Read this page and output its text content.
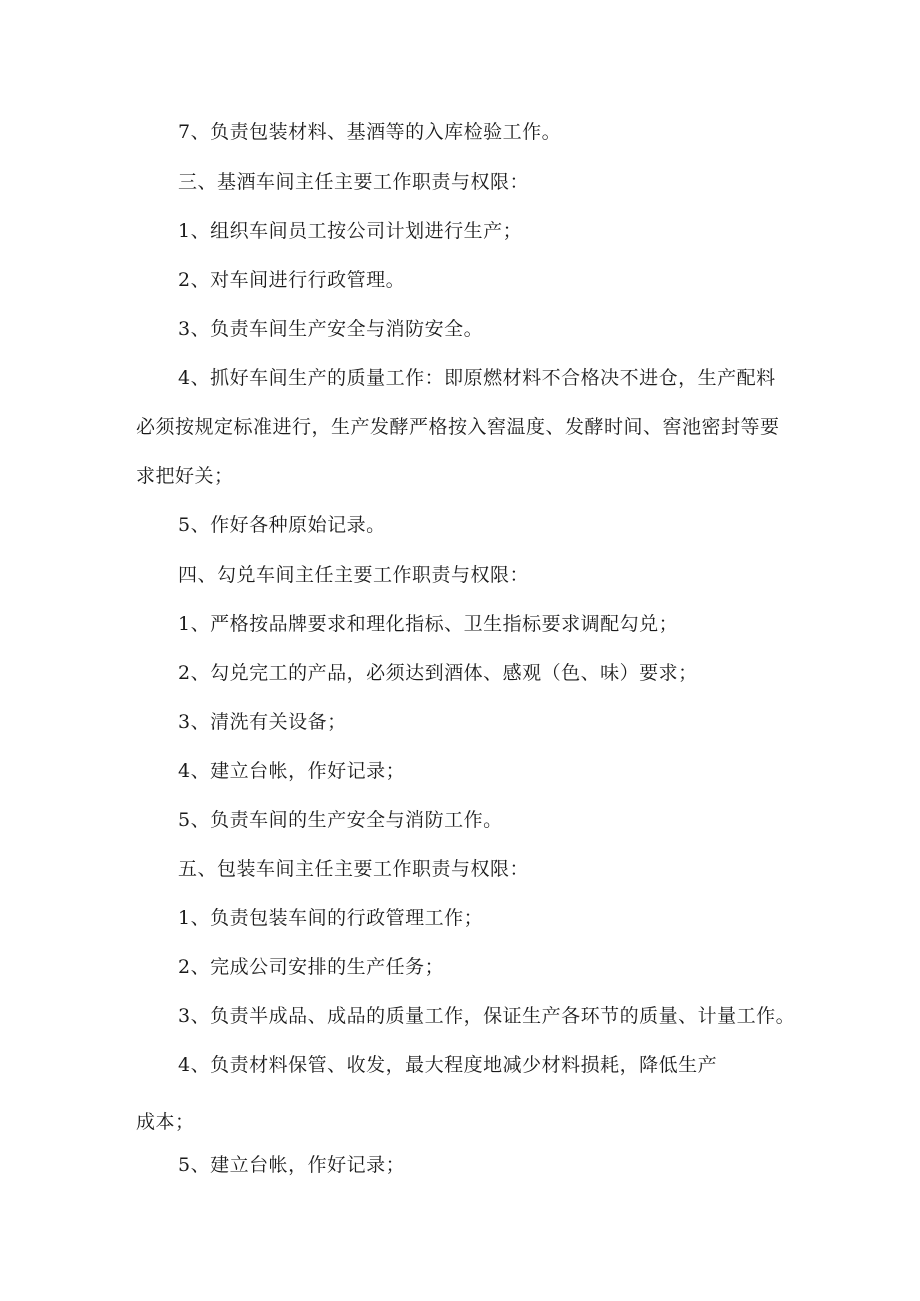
7、负责包装材料、基酒等的入库检验工作。
三、基酒车间主任主要工作职责与权限：
1、组织车间员工按公司计划进行生产；
2、对车间进行行政管理。
3、负责车间生产安全与消防安全。
4、抓好车间生产的质量工作：即原燃材料不合格决不进仓，生产配料
必须按规定标准进行，生产发酵严格按入窖温度、发酵时间、窖池密封等要
求把好关；
5、作好各种原始记录。
四、勾兑车间主任主要工作职责与权限：
1、严格按品牌要求和理化指标、卫生指标要求调配勾兑；
2、勾兑完工的产品，必须达到酒体、感观（色、味）要求；
3、清洗有关设备；
4、建立台帐，作好记录；
5、负责车间的生产安全与消防工作。
五、包装车间主任主要工作职责与权限：
1、负责包装车间的行政管理工作；
2、完成公司安排的生产任务；
3、负责半成品、成品的质量工作，保证生产各环节的质量、计量工作。
4、负责材料保管、收发，最大程度地减少材料损耗，降低生产
成本；
5、建立台帐，作好记录；
